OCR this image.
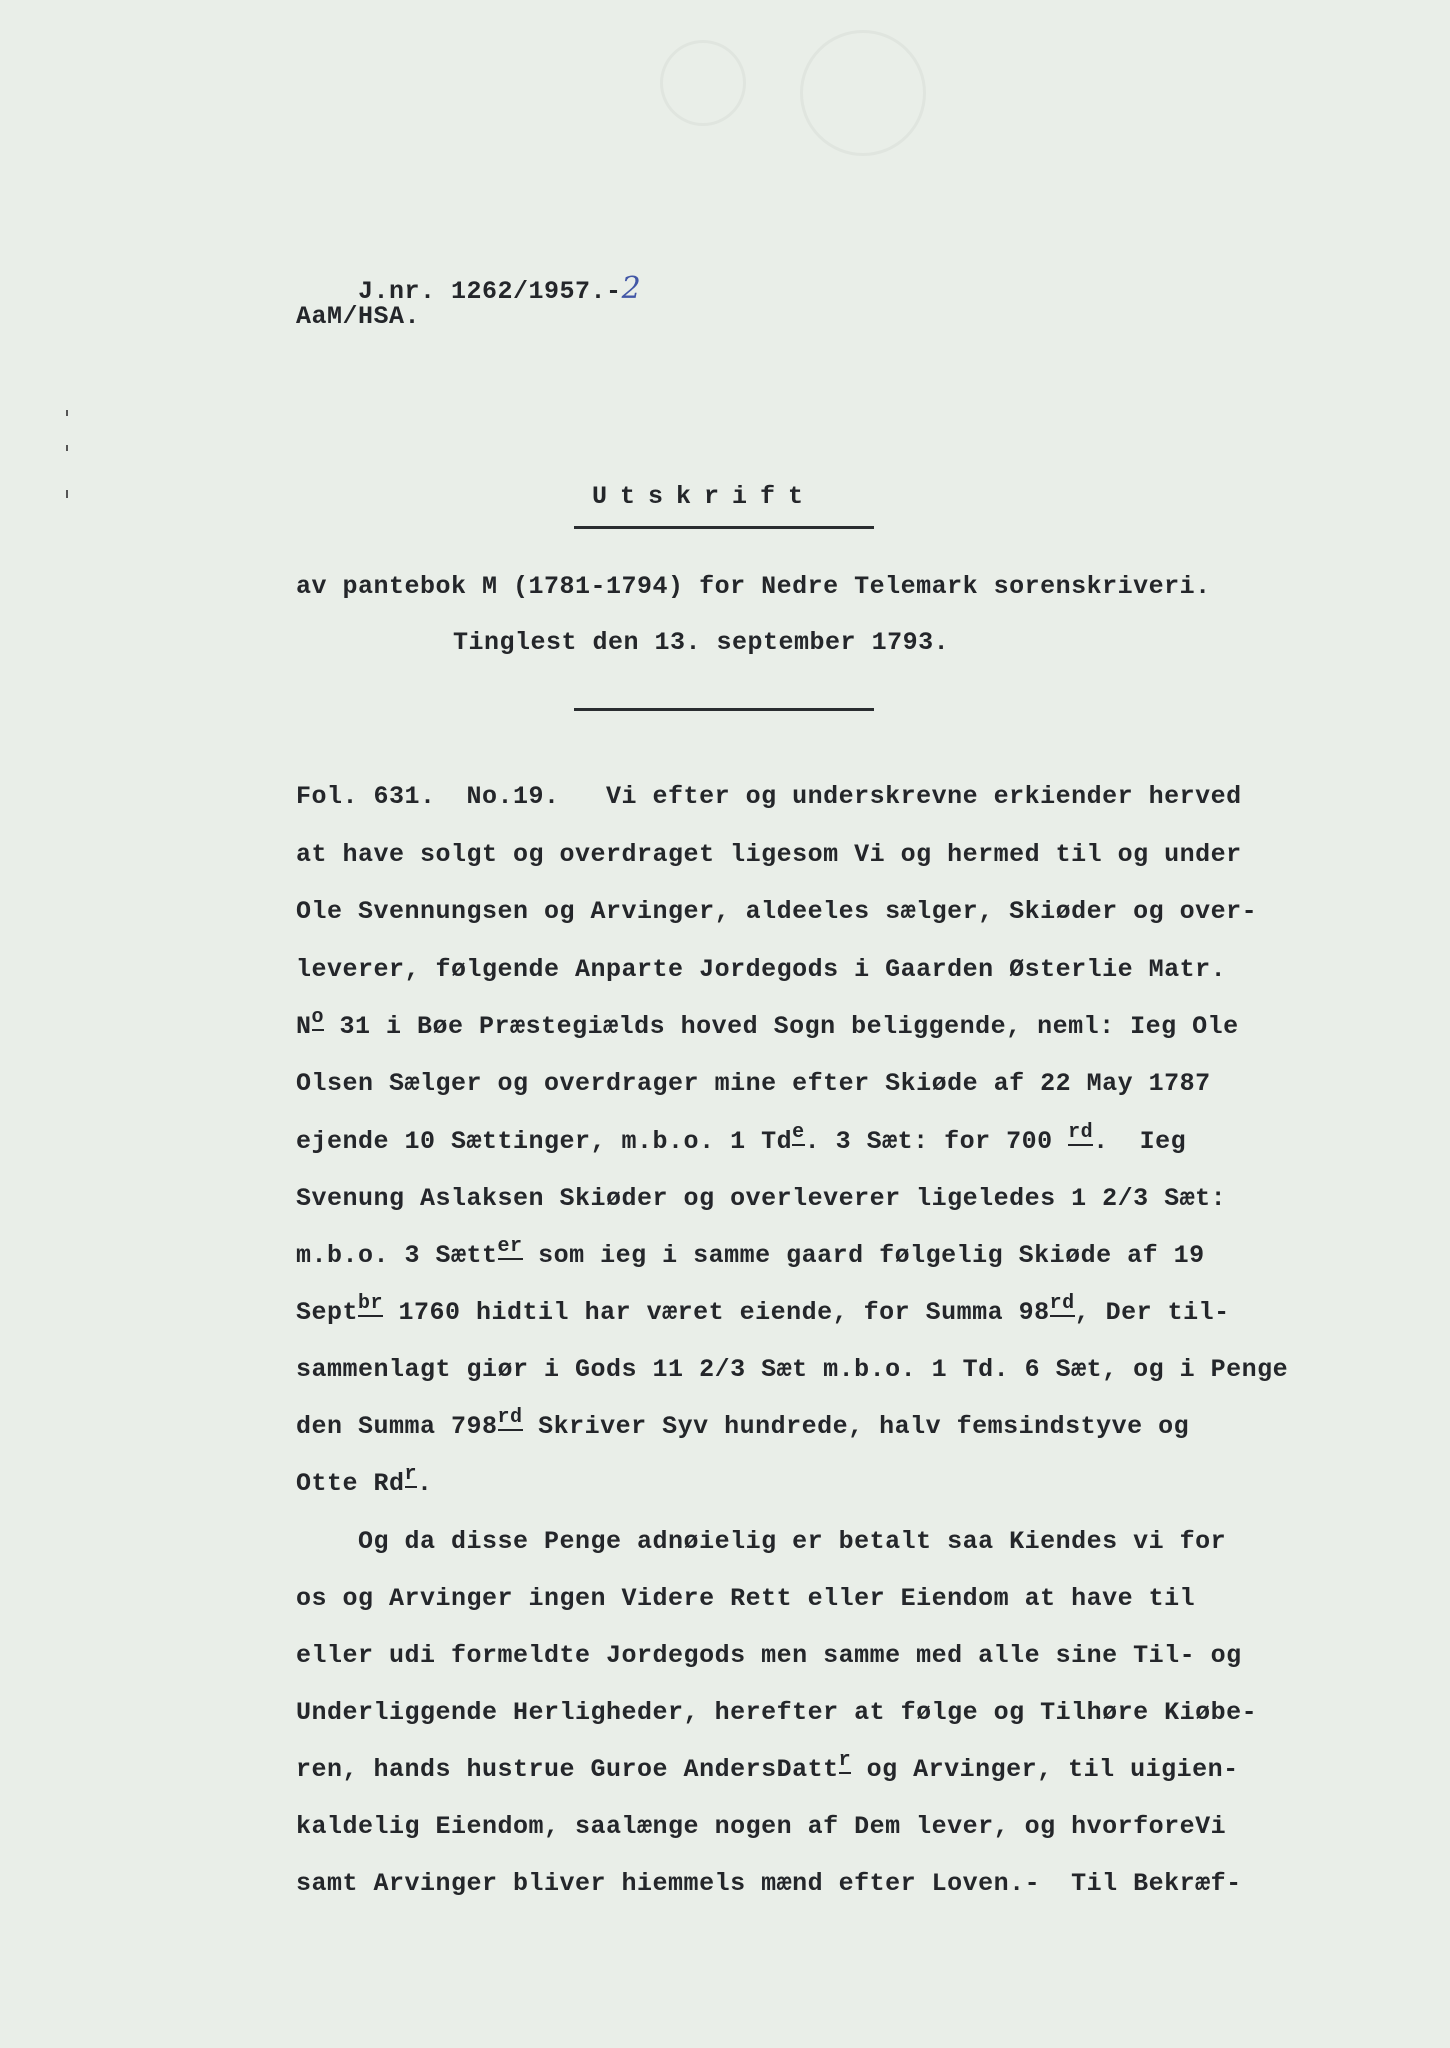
J.nr. 1262/1957.-2

AaM/HSA.
Utskrift
av pantebok M (1781-1794) for Nedre Telemark sorenskriveri.
Tinglest den 13. september 1793.
Fol. 631.  No.19.   Vi efter og underskrevne erkiender herved
at have solgt og overdraget ligesom Vi og hermed til og under
Ole Svennungsen og Arvinger, aldeeles sælger, Skiøder og over-
leverer, følgende Anparte Jordegods i Gaarden Østerlie Matr.
$N^o$ 31 i Bøe Præstegiælds hoved Sogn beliggende, neml: Ieg Ole
Olsen Sælger og overdrager mine efter Skiøde af 22 May 1787
ejende 10 Sættinger, m.b.o. 1 Td$^e$. 3 Sæt: for 700 $^{rd}$.  Ieg
Svenung Aslaksen Skiøder og overleverer ligeledes 1 2/3 Sæt:
m.b.o. 3 Sætt$^{er}$ som ieg i samme gaard følgelig Skiøde af 19
Sept$^{br}$ 1760 hidtil har været eiende, for Summa 98rd, Der til-
sammenlagt giør i Gods 11 2/3 Sæt m.b.o. 1 Td. 6 Sæt, og i Penge
den Summa 798rd Skriver Syv hundrede, halv femsindstyve og
Otte Rd$^r$.
Og da disse Penge adnøielig er betalt saa Kiendes vi for
os og Arvinger ingen Videre Rett eller Eiendom at have til
eller udi formeldte Jordegods men samme med alle sine Til- og
Underliggende Herligheder, herefter at følge og Tilhøre Kiøbe-
ren, hands hustrue Guroe AndersDatt$^r$ og Arvinger, til uigien-
kaldelig Eiendom, saalænge nogen af Dem lever, og hvorforeVi
samt Arvinger bliver hiemmels mænd efter Loven.-  Til Bekræf-
